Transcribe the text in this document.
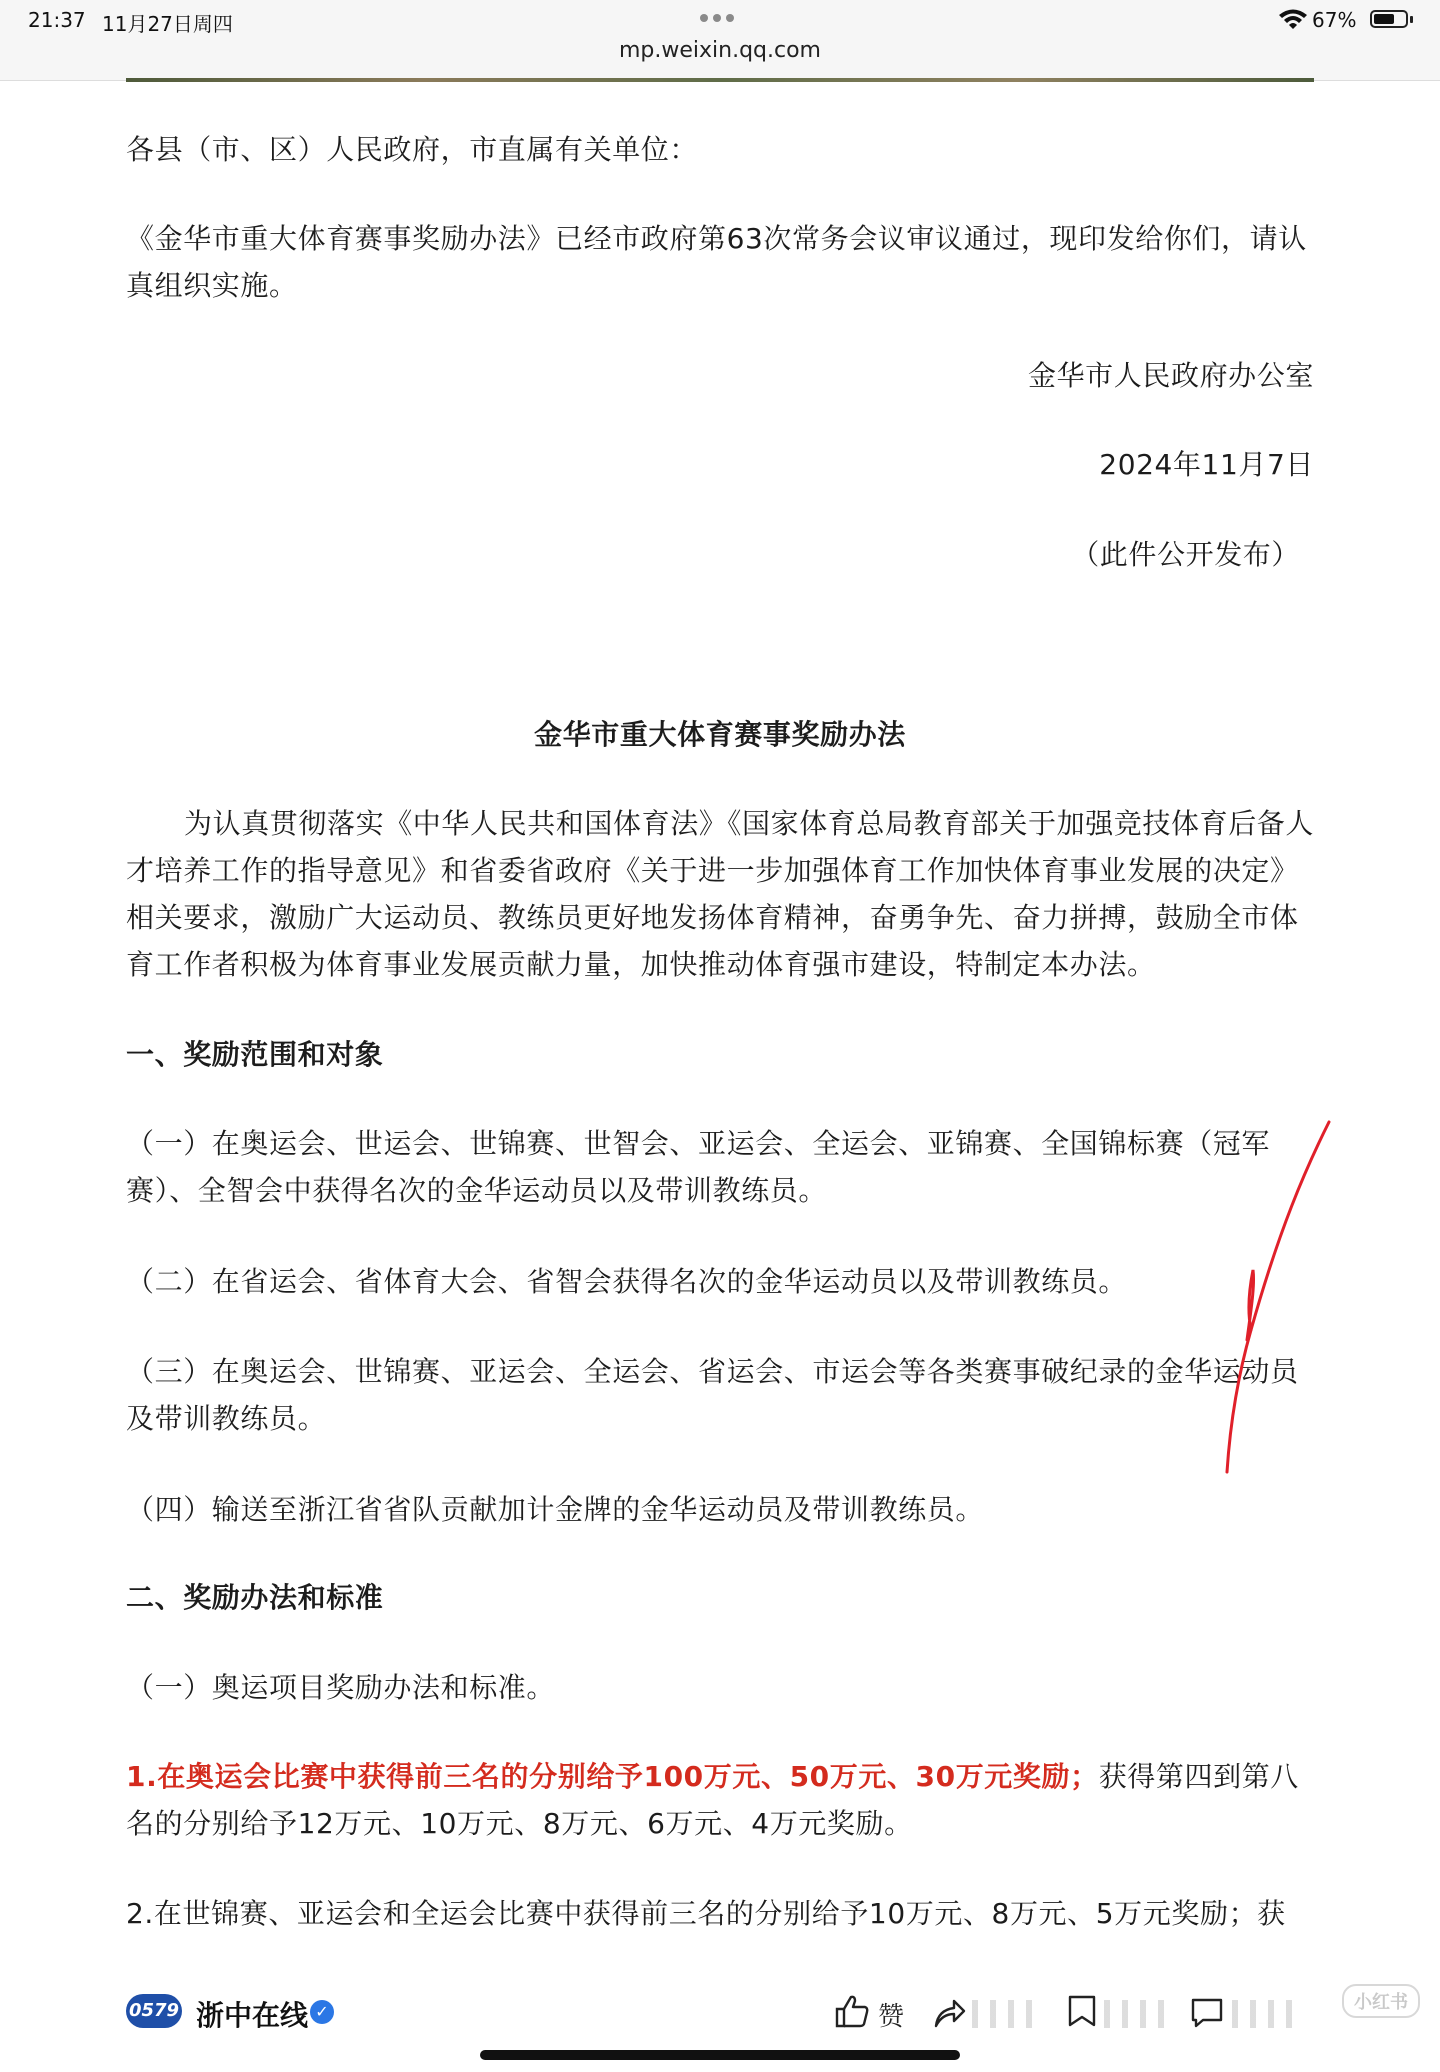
21:37 11月27日周四	67%
mp.weixin.qq.com

各县（市、区）人民政府，市直属有关单位：

《金华市重大体育赛事奖励办法》已经市政府第63次常务会议审议通过，现印发给你们，请认真组织实施。

金华市人民政府办公室

2024年11月7日

（此件公开发布）

金华市重大体育赛事奖励办法

为认真贯彻落实《中华人民共和国体育法》《国家体育总局教育部关于加强竞技体育后备人才培养工作的指导意见》和省委省政府《关于进一步加强体育工作加快体育事业发展的决定》相关要求，激励广大运动员、教练员更好地发扬体育精神，奋勇争先、奋力拼搏，鼓励全市体育工作者积极为体育事业发展贡献力量，加快推动体育强市建设，特制定本办法。

一、奖励范围和对象

（一）在奥运会、世运会、世锦赛、世智会、亚运会、全运会、亚锦赛、全国锦标赛（冠军赛）、全智会中获得名次的金华运动员以及带训教练员。

（二）在省运会、省体育大会、省智会获得名次的金华运动员以及带训教练员。

（三）在奥运会、世锦赛、亚运会、全运会、省运会、市运会等各类赛事破纪录的金华运动员及带训教练员。

（四）输送至浙江省省队贡献加计金牌的金华运动员及带训教练员。

二、奖励办法和标准

（一）奥运项目奖励办法和标准。

1.在奥运会比赛中获得前三名的分别给予100万元、50万元、30万元奖励；获得第四到第八名的分别给予12万元、10万元、8万元、6万元、4万元奖励。

2.在世锦赛、亚运会和全运会比赛中获得前三名的分别给予10万元、8万元、5万元奖励；获

0579 浙中在线 ✓	赞	小红书
